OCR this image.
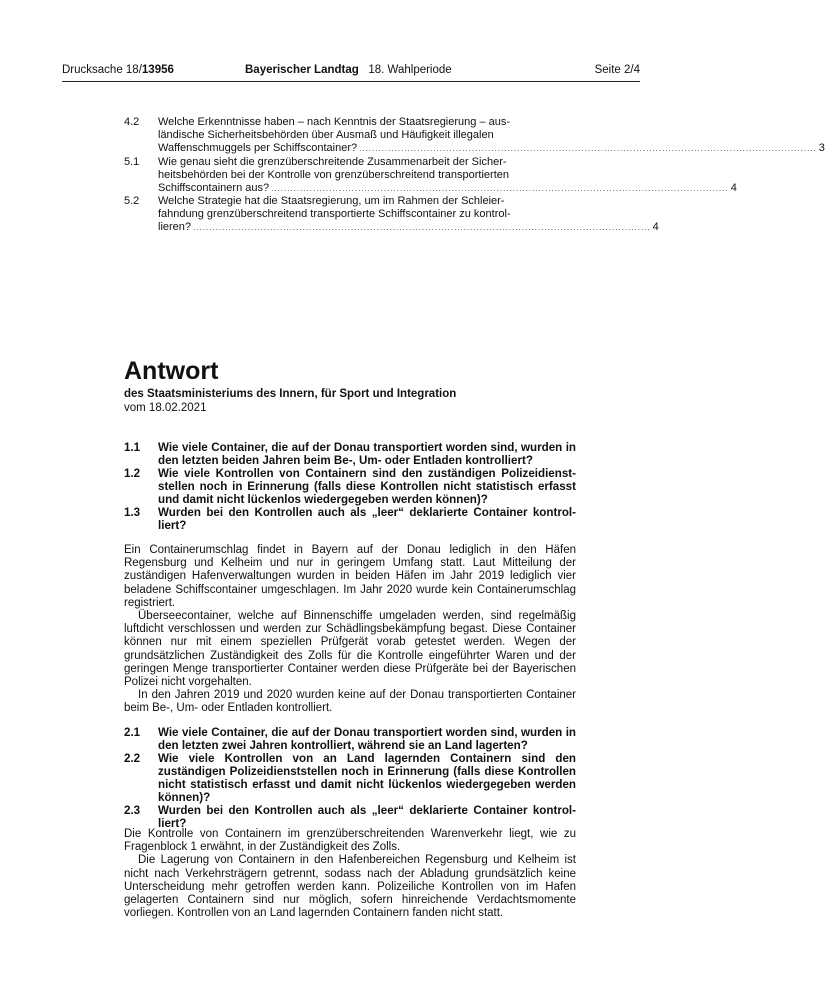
Drucksache 18/13956	Bayerischer Landtag 18. Wahlperiode	Seite 2/4
4.2 Welche Erkenntnisse haben – nach Kenntnis der Staatsregierung – aus-
ländische Sicherheitsbehörden über Ausmaß und Häufigkeit illegalen
Waffenschmuggels per Schiffscontainer? .............................................................................................................................................. 3
5.1 Wie genau sieht die grenzüberschreitende Zusammenarbeit der Sicher-
heitsbehörden bei der Kontrolle von grenzüberschreitend transportierten
Schiffscontainern aus? .............................................................................................................................................. 4
5.2 Welche Strategie hat die Staatsregierung, um im Rahmen der Schleier-
fahndung grenzüberschreitend transportierte Schiffscontainer zu kontrol-
lieren? .............................................................................................................................................. 4
Antwort
des Staatsministeriums des Innern, für Sport und Integration
vom 18.02.2021
1.1 Wie viele Container, die auf der Donau transportiert worden sind, wurden in den letzten beiden Jahren beim Be-, Um- oder Entladen kontrolliert?
1.2 Wie viele Kontrollen von Containern sind den zuständigen Polizeidienst-stellen noch in Erinnerung (falls diese Kontrollen nicht statistisch erfasst und damit nicht lückenlos wiedergegeben werden können)?
1.3 Wurden bei den Kontrollen auch als „leer“ deklarierte Container kontrol-liert?

Ein Containerumschlag findet in Bayern auf der Donau lediglich in den Häfen Regensburg und Kelheim und nur in geringem Umfang statt. Laut Mitteilung der zuständigen Hafenverwaltungen wurden in beiden Häfen im Jahr 2019 lediglich vier beladene Schiffscontainer umgeschlagen. Im Jahr 2020 wurde kein Containerumschlag registriert.

Überseecontainer, welche auf Binnenschiffe umgeladen werden, sind regelmäßig luftdicht verschlossen und werden zur Schädlingsbekämpfung begast. Diese Container können nur mit einem speziellen Prüfgerät vorab getestet werden. Wegen der grundsätzlichen Zuständigkeit des Zolls für die Kontrolle eingeführter Waren und der geringen Menge transportierter Container werden diese Prüfgeräte bei der Bayerischen Polizei nicht vorgehalten.

In den Jahren 2019 und 2020 wurden keine auf der Donau transportierten Container beim Be-, Um- oder Entladen kontrolliert.

2.1 Wie viele Container, die auf der Donau transportiert worden sind, wurden in den letzten zwei Jahren kontrolliert, während sie an Land lagerten?
2.2 Wie viele Kontrollen von an Land lagernden Containern sind den zuständigen Polizeidienststellen noch in Erinnerung (falls diese Kontrollen nicht statistisch erfasst und damit nicht lückenlos wiedergegeben werden können)?
2.3 Wurden bei den Kontrollen auch als „leer“ deklarierte Container kontrol-liert?

Die Kontrolle von Containern im grenzüberschreitenden Warenverkehr liegt, wie zu Fragenblock 1 erwähnt, in der Zuständigkeit des Zolls.

Die Lagerung von Containern in den Hafenbereichen Regensburg und Kelheim ist nicht nach Verkehrsträgern getrennt, sodass nach der Abladung grundsätzlich keine Unterscheidung mehr getroffen werden kann. Polizeiliche Kontrollen von im Hafen gelagerten Containern sind nur möglich, sofern hinreichende Verdachtsmomente vorliegen. Kontrollen von an Land lagernden Containern fanden nicht statt.
